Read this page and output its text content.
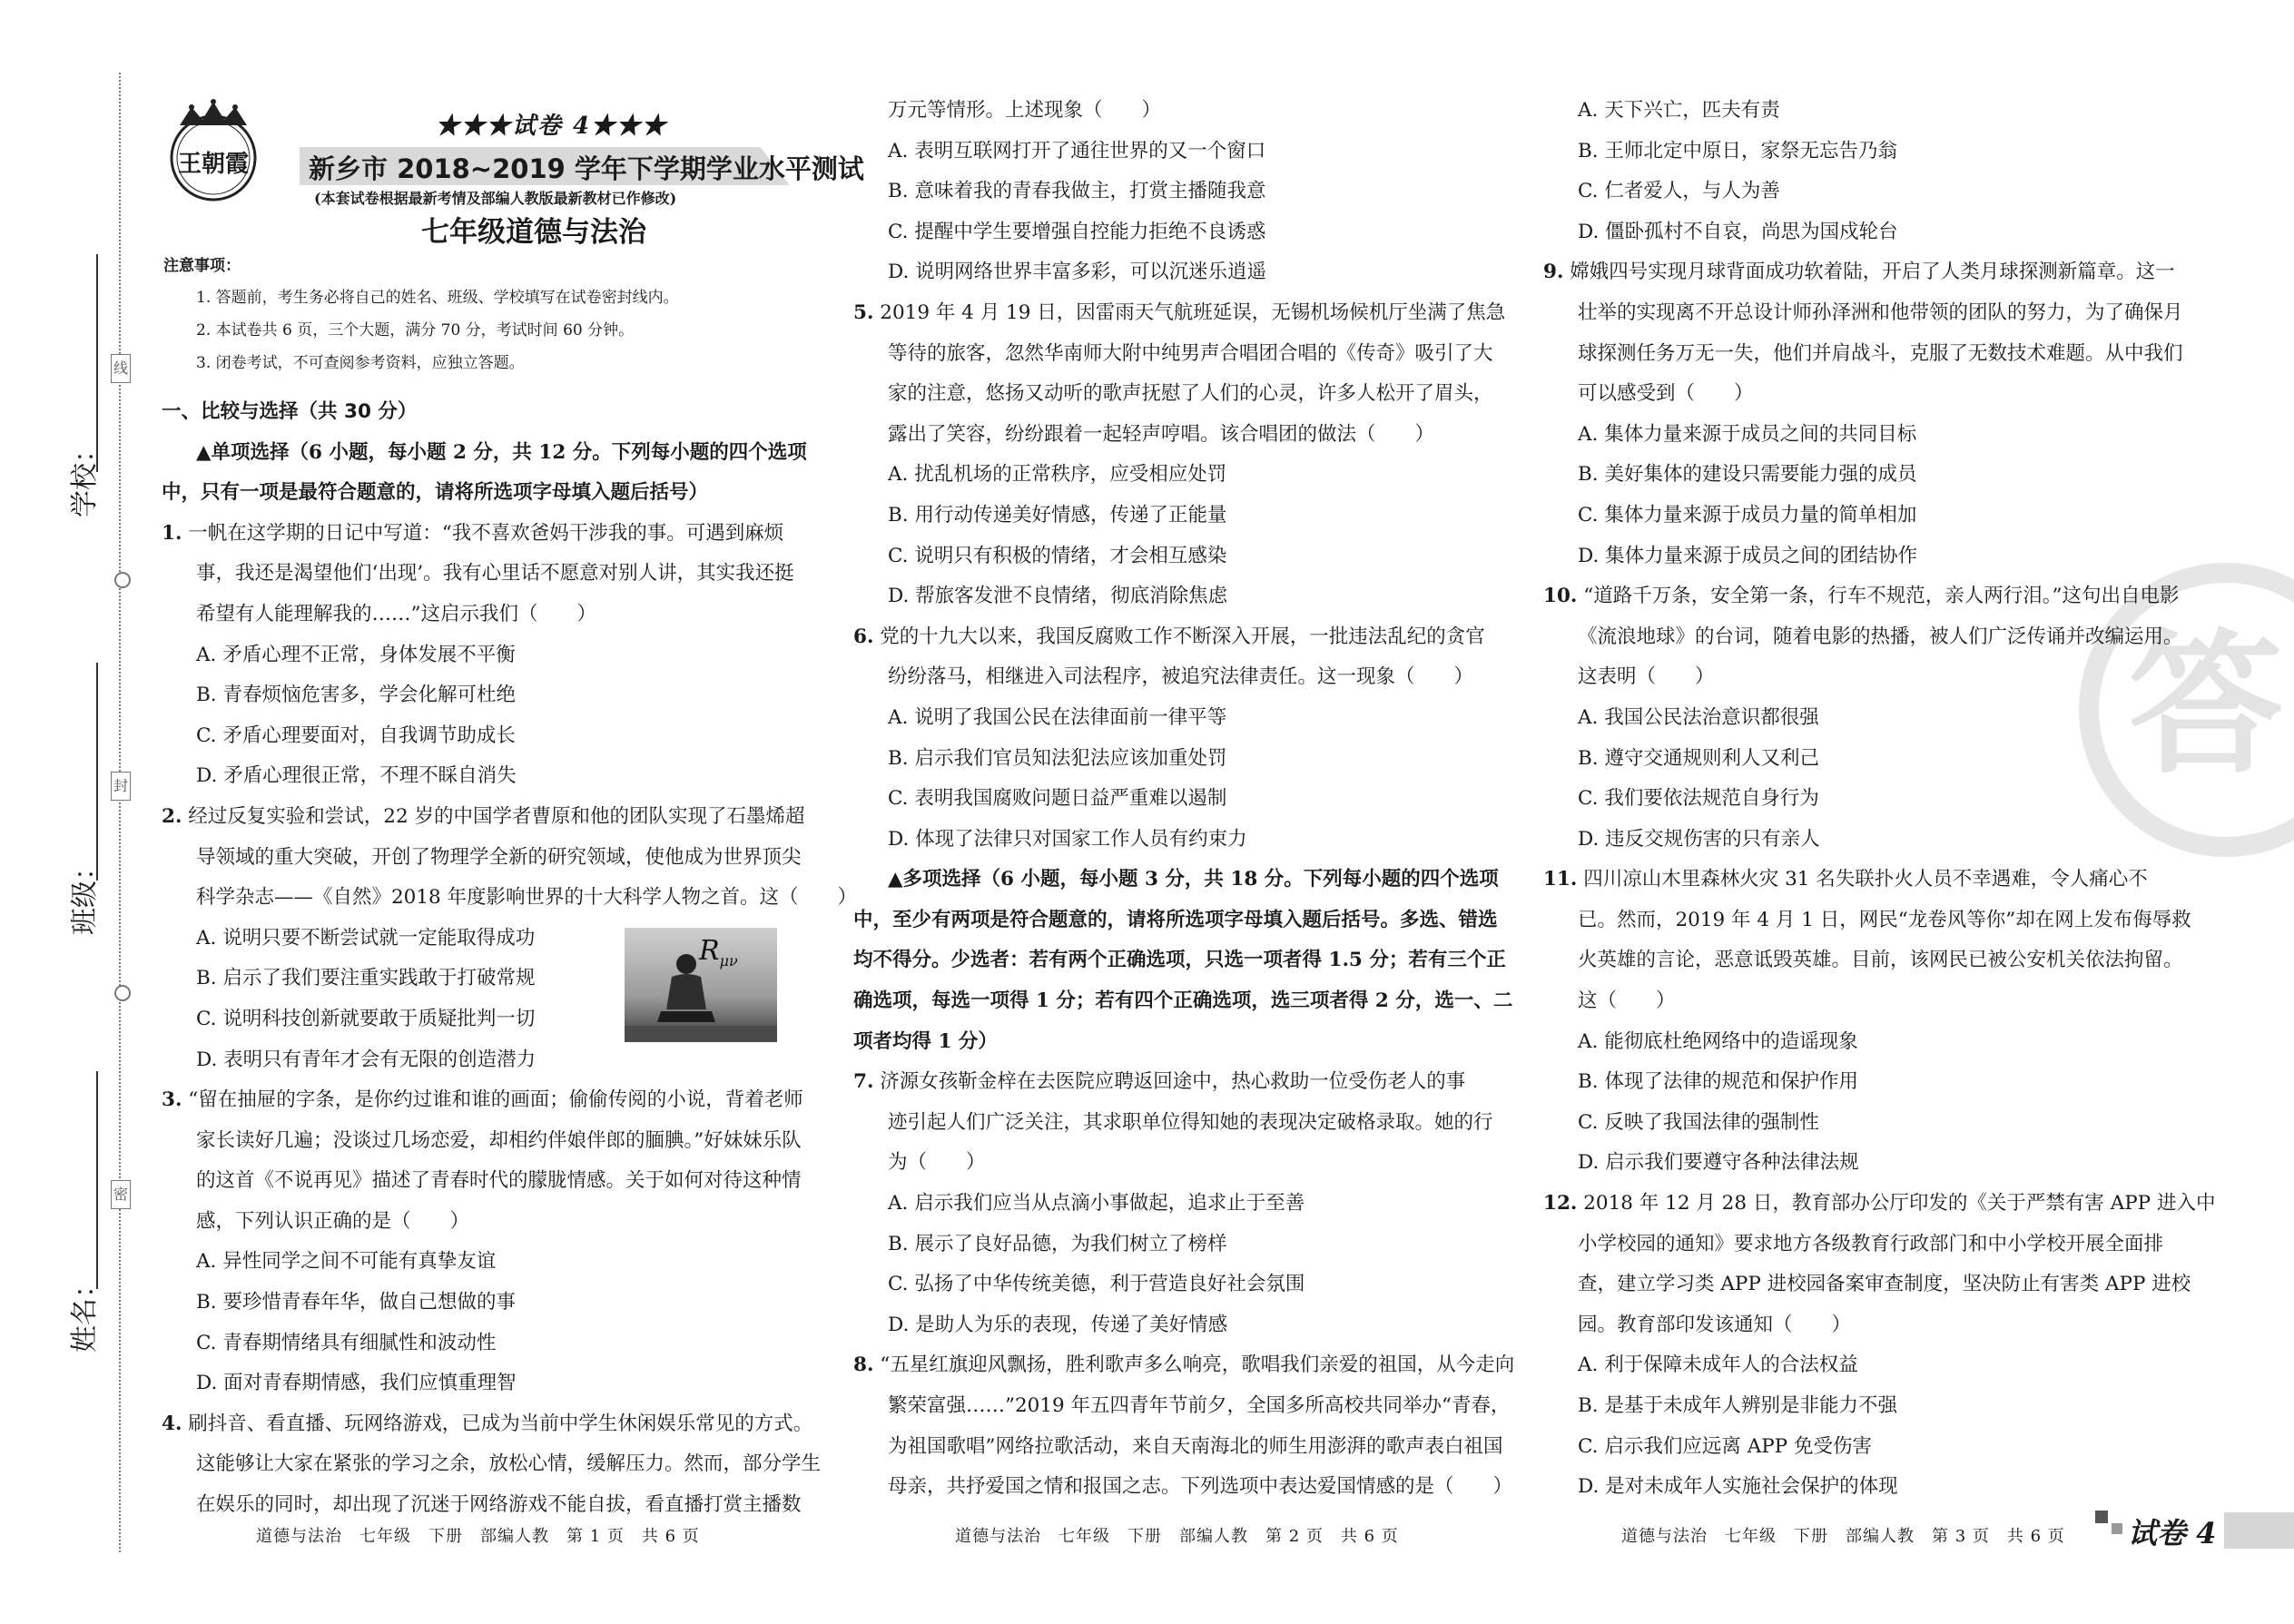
线
封
密
学校：
班级：
姓名：
王朝霞
★★★试卷 4★★★
新乡市 2018~2019 学年下学期学业水平测试
(本套试卷根据最新考情及部编人教版最新教材已作修改)
七年级道德与法治
注意事项：
1. 答题前，考生务必将自己的姓名、班级、学校填写在试卷密封线内。
2. 本试卷共 6 页，三个大题，满分 70 分，考试时间 60 分钟。
3. 闭卷考试，不可查阅参考资料，应独立答题。

一、比较与选择（共 30 分）

▲单项选择（6 小题，每小题 2 分，共 12 分。下列每小题的四个选项

中，只有一项是最符合题意的，请将所选项字母填入题后括号）

1. 一帆在这学期的日记中写道：“我不喜欢爸妈干涉我的事。可遇到麻烦

事，我还是渴望他们‘出现’。我有心里话不愿意对别人讲，其实我还挺

希望有人能理解我的……”这启示我们（　　）

A. 矛盾心理不正常，身体发展不平衡

B. 青春烦恼危害多，学会化解可杜绝

C. 矛盾心理要面对，自我调节助成长

D. 矛盾心理很正常，不理不睬自消失

2. 经过反复实验和尝试，22 岁的中国学者曹原和他的团队实现了石墨烯超

导领域的重大突破，开创了物理学全新的研究领域，使他成为世界顶尖

科学杂志——《自然》2018 年度影响世界的十大科学人物之首。这（　　）

A. 说明只要不断尝试就一定能取得成功

B. 启示了我们要注重实践敢于打破常规

C. 说明科技创新就要敢于质疑批判一切

D. 表明只有青年才会有无限的创造潜力

3. “留在抽屉的字条，是你约过谁和谁的画面；偷偷传阅的小说，背着老师

家长读好几遍；没谈过几场恋爱，却相约伴娘伴郎的腼腆。”好妹妹乐队

的这首《不说再见》描述了青春时代的朦胧情感。关于如何对待这种情

感，下列认识正确的是（　　）

A. 异性同学之间不可能有真挚友谊

B. 要珍惜青春年华，做自己想做的事

C. 青春期情绪具有细腻性和波动性

D. 面对青春期情感，我们应慎重理智

4. 刷抖音、看直播、玩网络游戏，已成为当前中学生休闲娱乐常见的方式。

这能够让大家在紧张的学习之余，放松心情，缓解压力。然而，部分学生

在娱乐的同时，却出现了沉迷于网络游戏不能自拔，看直播打赏主播数

$R_{\mu\nu}$

万元等情形。上述现象（　　）

A. 表明互联网打开了通往世界的又一个窗口

B. 意味着我的青春我做主，打赏主播随我意

C. 提醒中学生要增强自控能力拒绝不良诱惑

D. 说明网络世界丰富多彩，可以沉迷乐逍遥

5. 2019 年 4 月 19 日，因雷雨天气航班延误，无锡机场候机厅坐满了焦急

等待的旅客，忽然华南师大附中纯男声合唱团合唱的《传奇》吸引了大

家的注意，悠扬又动听的歌声抚慰了人们的心灵，许多人松开了眉头，

露出了笑容，纷纷跟着一起轻声哼唱。该合唱团的做法（　　）

A. 扰乱机场的正常秩序，应受相应处罚

B. 用行动传递美好情感，传递了正能量

C. 说明只有积极的情绪，才会相互感染

D. 帮旅客发泄不良情绪，彻底消除焦虑

6. 党的十九大以来，我国反腐败工作不断深入开展，一批违法乱纪的贪官

纷纷落马，相继进入司法程序，被追究法律责任。这一现象（　　）

A. 说明了我国公民在法律面前一律平等

B. 启示我们官员知法犯法应该加重处罚

C. 表明我国腐败问题日益严重难以遏制

D. 体现了法律只对国家工作人员有约束力

▲多项选择（6 小题，每小题 3 分，共 18 分。下列每小题的四个选项

中，至少有两项是符合题意的，请将所选项字母填入题后括号。多选、错选

均不得分。少选者：若有两个正确选项，只选一项者得 1.5 分；若有三个正

确选项，每选一项得 1 分；若有四个正确选项，选三项者得 2 分，选一、二

项者均得 1 分）

7. 济源女孩靳金梓在去医院应聘返回途中，热心救助一位受伤老人的事

迹引起人们广泛关注，其求职单位得知她的表现决定破格录取。她的行

为（　　）

A. 启示我们应当从点滴小事做起，追求止于至善

B. 展示了良好品德，为我们树立了榜样

C. 弘扬了中华传统美德，利于营造良好社会氛围

D. 是助人为乐的表现，传递了美好情感

8. “五星红旗迎风飘扬，胜利歌声多么响亮，歌唱我们亲爱的祖国，从今走向

繁荣富强……”2019 年五四青年节前夕，全国多所高校共同举办“青春，

为祖国歌唱”网络拉歌活动，来自天南海北的师生用澎湃的歌声表白祖国

母亲，共抒爱国之情和报国之志。下列选项中表达爱国情感的是（　　）

答

A. 天下兴亡，匹夫有责

B. 王师北定中原日，家祭无忘告乃翁

C. 仁者爱人，与人为善

D. 僵卧孤村不自哀，尚思为国戍轮台

9. 嫦娥四号实现月球背面成功软着陆，开启了人类月球探测新篇章。这一

壮举的实现离不开总设计师孙泽洲和他带领的团队的努力，为了确保月

球探测任务万无一失，他们并肩战斗，克服了无数技术难题。从中我们

可以感受到（　　）

A. 集体力量来源于成员之间的共同目标

B. 美好集体的建设只需要能力强的成员

C. 集体力量来源于成员力量的简单相加

D. 集体力量来源于成员之间的团结协作

10. “道路千万条，安全第一条，行车不规范，亲人两行泪。”这句出自电影

《流浪地球》的台词，随着电影的热播，被人们广泛传诵并改编运用。

这表明（　　）

A. 我国公民法治意识都很强

B. 遵守交通规则利人又利己

C. 我们要依法规范自身行为

D. 违反交规伤害的只有亲人

11. 四川凉山木里森林火灾 31 名失联扑火人员不幸遇难，令人痛心不

已。然而，2019 年 4 月 1 日，网民“龙卷风等你”却在网上发布侮辱救

火英雄的言论，恶意诋毁英雄。目前，该网民已被公安机关依法拘留。

这（　　）

A. 能彻底杜绝网络中的造谣现象

B. 体现了法律的规范和保护作用

C. 反映了我国法律的强制性

D. 启示我们要遵守各种法律法规

12. 2018 年 12 月 28 日，教育部办公厅印发的《关于严禁有害 APP 进入中

小学校园的通知》要求地方各级教育行政部门和中小学校开展全面排

查，建立学习类 APP 进校园备案审查制度，坚决防止有害类 APP 进校

园。教育部印发该通知（　　）

A. 利于保障未成年人的合法权益

B. 是基于未成年人辨别是非能力不强

C. 启示我们应远离 APP 免受伤害

D. 是对未成年人实施社会保护的体现

道德与法治　七年级　下册　部编人教　第 1 页　共 6 页	道德与法治　七年级　下册　部编人教　第 2 页　共 6 页	道德与法治　七年级　下册　部编人教　第 3 页　共 6 页 试卷 4
